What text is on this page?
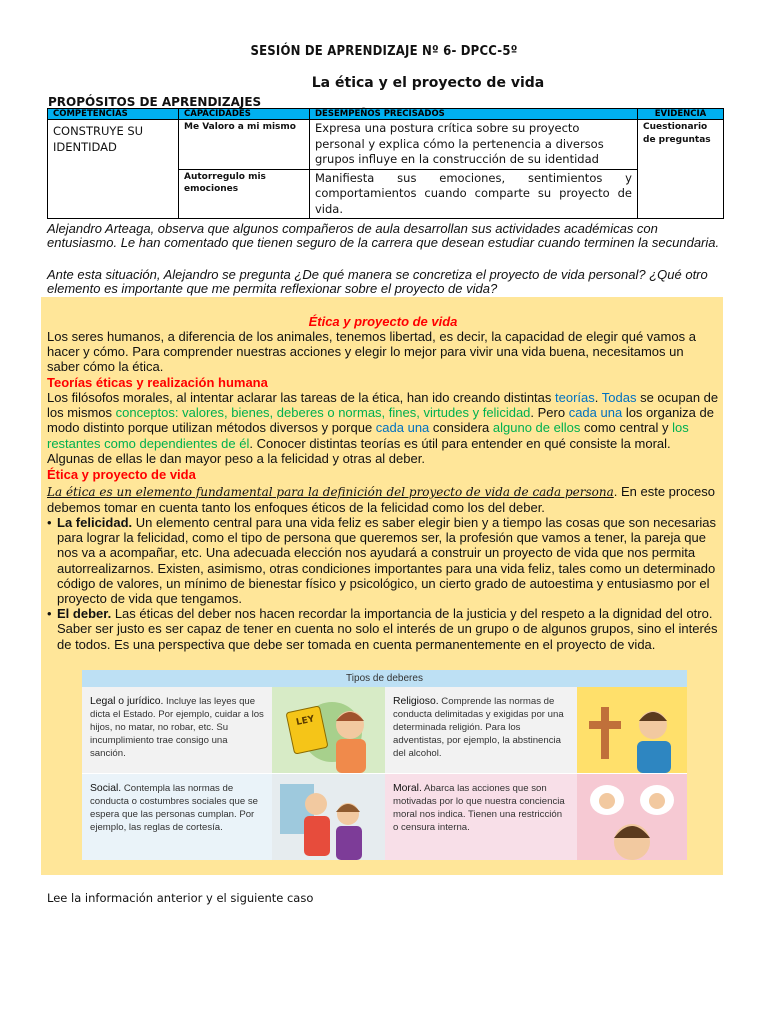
SESIÓN DE APRENDIZAJE Nº 6- DPCC-5º
La ética y el proyecto de vida
PROPÓSITOS DE APRENDIZAJES
COMPETENCIAS	CAPACIDADES	DESEMPEÑOS PRECISADOS	EVIDENCIA
CONSTRUYE SU IDENTIDAD	Me Valoro a mi mismo	Expresa una postura crítica sobre su proyecto personal y explica cómo la pertenencia a diversos grupos influye en la construcción de su identidad	Cuestionario de preguntas
	Autorregulo mis emociones	Manifiesta sus emociones, sentimientos y comportamientos cuando comparte su proyecto de vida.	
Alejandro Arteaga, observa que algunos compañeros de aula desarrollan sus actividades académicas con entusiasmo. Le han comentado que tienen seguro de la carrera que desean estudiar cuando terminen la secundaria.
Ante esta situación, Alejandro se pregunta ¿De qué manera se concretiza el proyecto de vida personal? ¿Qué otro elemento es importante que me permita reflexionar sobre el proyecto de vida?
Ética y proyecto de vida
Los seres humanos, a diferencia de los animales, tenemos libertad, es decir, la capacidad de elegir qué vamos a hacer y cómo. Para comprender nuestras acciones y elegir lo mejor para vivir una vida buena, necesitamos un saber cómo la ética.
Teorías éticas y realización humana
Los filósofos morales, al intentar aclarar las tareas de la ética, han ido creando distintas teorías. Todas se ocupan de los mismos conceptos: valores, bienes, deberes o normas, fines, virtudes y felicidad. Pero cada una los organiza de modo distinto porque utilizan métodos diversos y porque cada una considera alguno de ellos como central y los restantes como dependientes de él. Conocer distintas teorías es útil para entender en qué consiste la moral. Algunas de ellas le dan mayor peso a la felicidad y otras al deber.
Ética y proyecto de vida
La ética es un elemento fundamental para la definición del proyecto de vida de cada persona. En este proceso debemos tomar en cuenta tanto los enfoques éticos de la felicidad como los del deber.
• La felicidad. Un elemento central para una vida feliz es saber elegir bien y a tiempo las cosas que son necesarias para lograr la felicidad, como el tipo de persona que queremos ser, la profesión que vamos a tener, la pareja que nos va a acompañar, etc. Una adecuada elección nos ayudará a construir un proyecto de vida que nos permita autorrealizarnos. Existen, asimismo, otras condiciones importantes para una vida feliz, tales como un determinado código de valores, un mínimo de bienestar físico y psicológico, un cierto grado de autoestima y entusiasmo por el proyecto de vida que tengamos.
• El deber. Las éticas del deber nos hacen recordar la importancia de la justicia y del respeto a la dignidad del otro. Saber ser justo es ser capaz de tener en cuenta no solo el interés de un grupo o de algunos grupos, sino el interés de todos. Es una perspectiva que debe ser tomada en cuenta permanentemente en el proyecto de vida.
Tipos de deberes
Legal o jurídico. Incluye las leyes que dicta el Estado. Por ejemplo, cuidar a los hijos, no matar, no robar, etc. Su incumplimiento trae consigo una sanción.
LEY
Religioso. Comprende las normas de conducta delimitadas y exigidas por una determinada religión. Para los adventistas, por ejemplo, la abstinencia del alcohol.
Social. Contempla las normas de conducta o costumbres sociales que se espera que las personas cumplan. Por ejemplo, las reglas de cortesía.
Moral. Abarca las acciones que son motivadas por lo que nuestra conciencia moral nos indica. Tienen una restricción o censura interna.
Lee la información anterior y el siguiente caso
